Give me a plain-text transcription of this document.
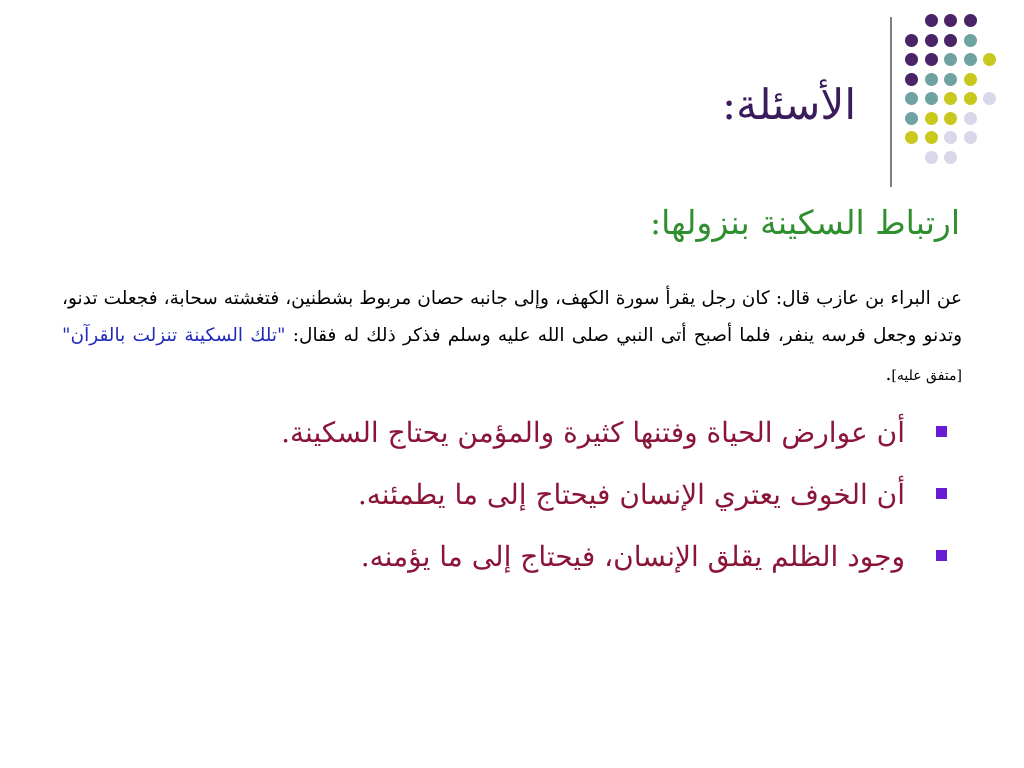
الأسئلة:
ارتباط السكينة بنزولها:
عن البراء بن عازب قال: كان رجل يقرأ سورة الكهف، وإلى جانبه حصان مربوط بشطنين، فتغشته سحابة، فجعلت تدنو، وتدنو وجعل فرسه ينفر، فلما أصبح أتى النبي صلى الله عليه وسلم فذكر ذلك له فقال: "تلك السكينة تنزلت بالقرآن" [متفق عليه].
أن عوارض الحياة وفتنها كثيرة والمؤمن يحتاج السكينة.
أن الخوف يعتري الإنسان فيحتاج إلى ما يطمئنه.
وجود الظلم يقلق الإنسان، فيحتاج إلى ما يؤمنه.
